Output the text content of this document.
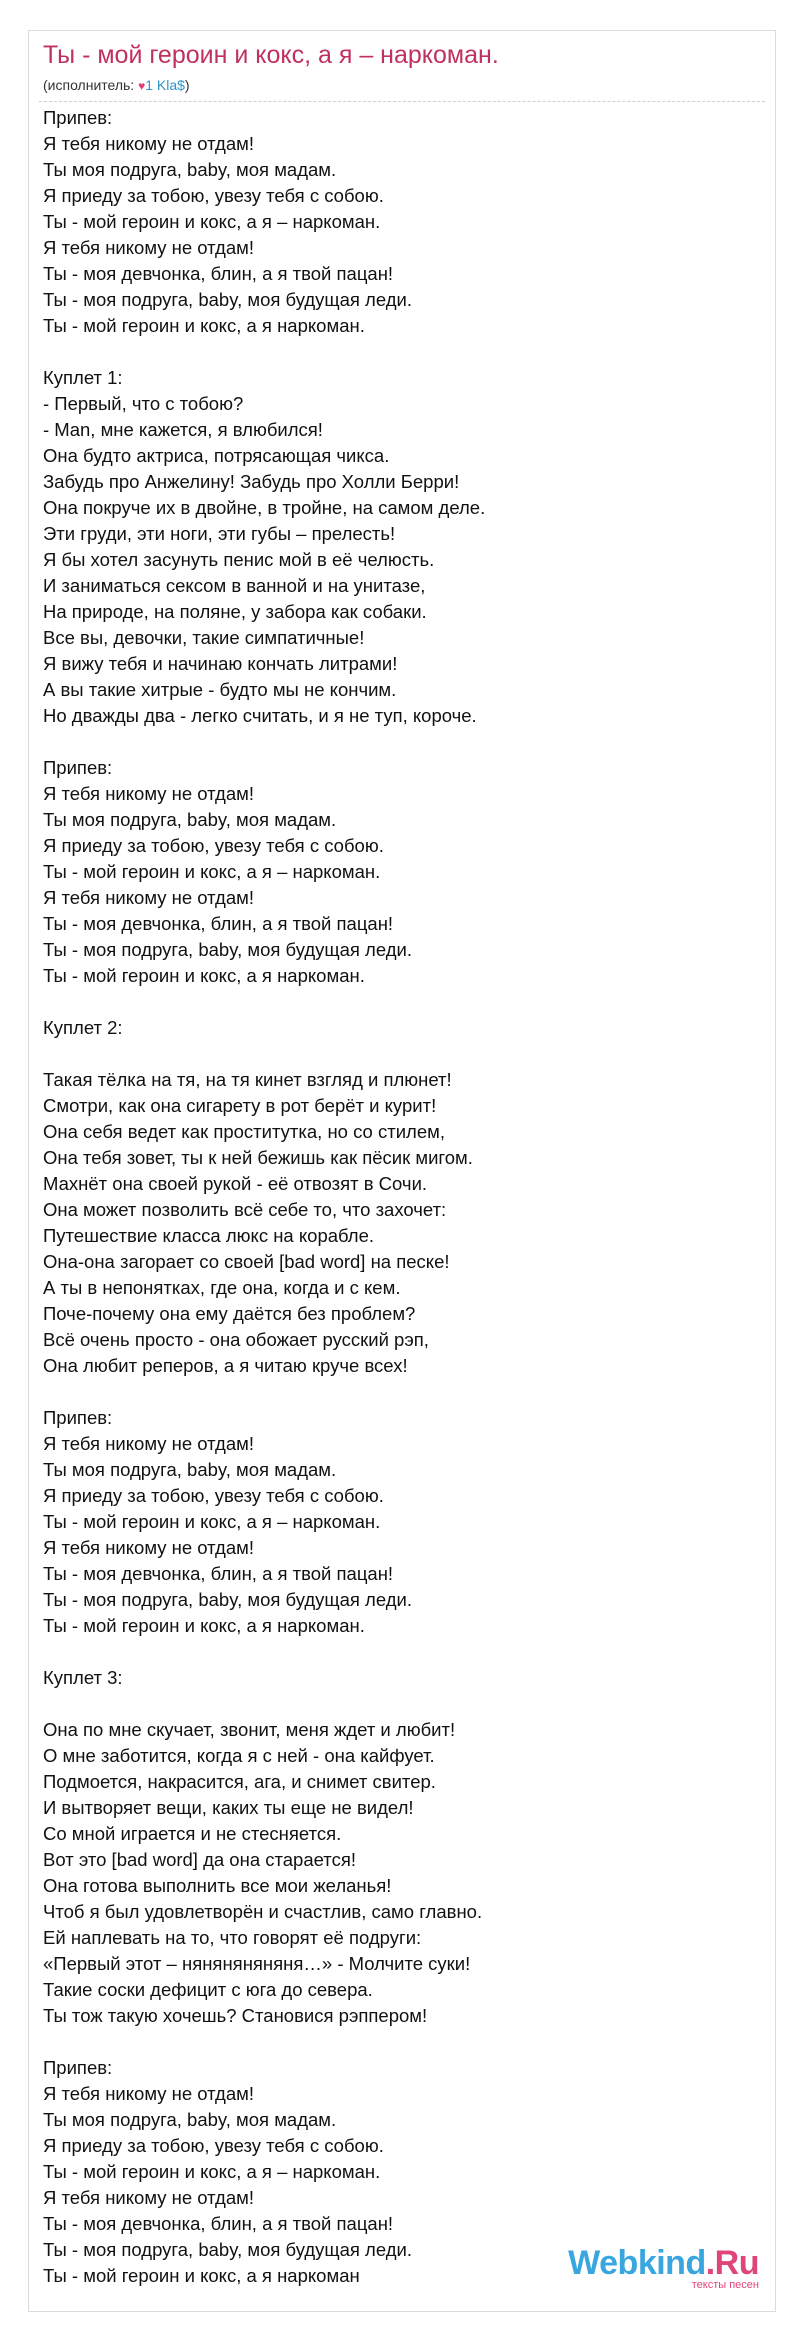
Ты - мой героин и кокс, а я – наркоман.
(исполнитель: ♥1 Kla$)
Припев:
Я тебя никому не отдам!
Ты моя подруга, baby, моя мадам.
Я приеду за тобою, увезу тебя с собою.
Ты - мой героин и кокс, а я – наркоман.
Я тебя никому не отдам!
Ты - моя девчонка, блин, а я твой пацан!
Ты - моя подруга, baby, моя будущая леди.
Ты - мой героин и кокс, а я наркоман.
Куплет 1:
- Первый, что с тобою?
- Man, мне кажется, я влюбился!
Она будто актриса, потрясающая чикса.
Забудь про Анжелину! Забудь про Холли Берри!
Она покруче их в двойне, в тройне, на самом деле.
Эти груди, эти ноги, эти губы – прелесть!
Я бы хотел засунуть пенис мой в её челюсть.
И заниматься сексом в ванной и на унитазе,
На природе, на поляне, у забора как собаки.
Все вы, девочки, такие симпатичные!
Я вижу тебя и начинаю кончать литрами!
А вы такие хитрые - будто мы не кончим.
Но дважды два - легко считать, и я не туп, короче.
Припев:
Я тебя никому не отдам!
Ты моя подруга, baby, моя мадам.
Я приеду за тобою, увезу тебя с собою.
Ты - мой героин и кокс, а я – наркоман.
Я тебя никому не отдам!
Ты - моя девчонка, блин, а я твой пацан!
Ты - моя подруга, baby, моя будущая леди.
Ты - мой героин и кокс, а я наркоман.
Куплет 2:
Такая тёлка на тя, на тя кинет взгляд и плюнет!
Смотри, как она сигарету в рот берёт и курит!
Она себя ведет как проститутка, но со стилем,
Она тебя зовет, ты к ней бежишь как пёсик мигом.
Махнёт она своей рукой - её отвозят в Сочи.
Она может позволить всё себе то, что захочет:
Путешествие класса люкс на корабле.
Она-она загорает со своей [bad word] на песке!
А ты в непонятках, где она, когда и с кем.
Поче-почему она ему даётся без проблем?
Всё очень просто - она обожает русский рэп,
Она любит реперов, а я читаю круче всех!
Припев:
Я тебя никому не отдам!
Ты моя подруга, baby, моя мадам.
Я приеду за тобою, увезу тебя с собою.
Ты - мой героин и кокс, а я – наркоман.
Я тебя никому не отдам!
Ты - моя девчонка, блин, а я твой пацан!
Ты - моя подруга, baby, моя будущая леди.
Ты - мой героин и кокс, а я наркоман.
Куплет 3:
Она по мне скучает, звонит, меня ждет и любит!
О мне заботится, когда я с ней - она кайфует.
Подмоется, накрасится, ага, и снимет свитер.
И вытворяет вещи, каких ты еще не видел!
Со мной играется и не стесняется.
Вот это [bad word] да она старается!
Она готова выполнить все мои желанья!
Чтоб я был удовлетворён и счастлив, само главно.
Ей наплевать на то, что говорят её подруги:
«Первый этот – няняняняняня…» - Молчите суки!
Такие соски дефицит с юга до севера.
Ты тож такую хочешь? Становися рэппером!
Припев:
Я тебя никому не отдам!
Ты моя подруга, baby, моя мадам.
Я приеду за тобою, увезу тебя с собою.
Ты - мой героин и кокс, а я – наркоман.
Я тебя никому не отдам!
Ты - моя девчонка, блин, а я твой пацан!
Ты - моя подруга, baby, моя будущая леди.
Ты - мой героин и кокс, а я наркоман	Webkind.Ru
тексты песен
